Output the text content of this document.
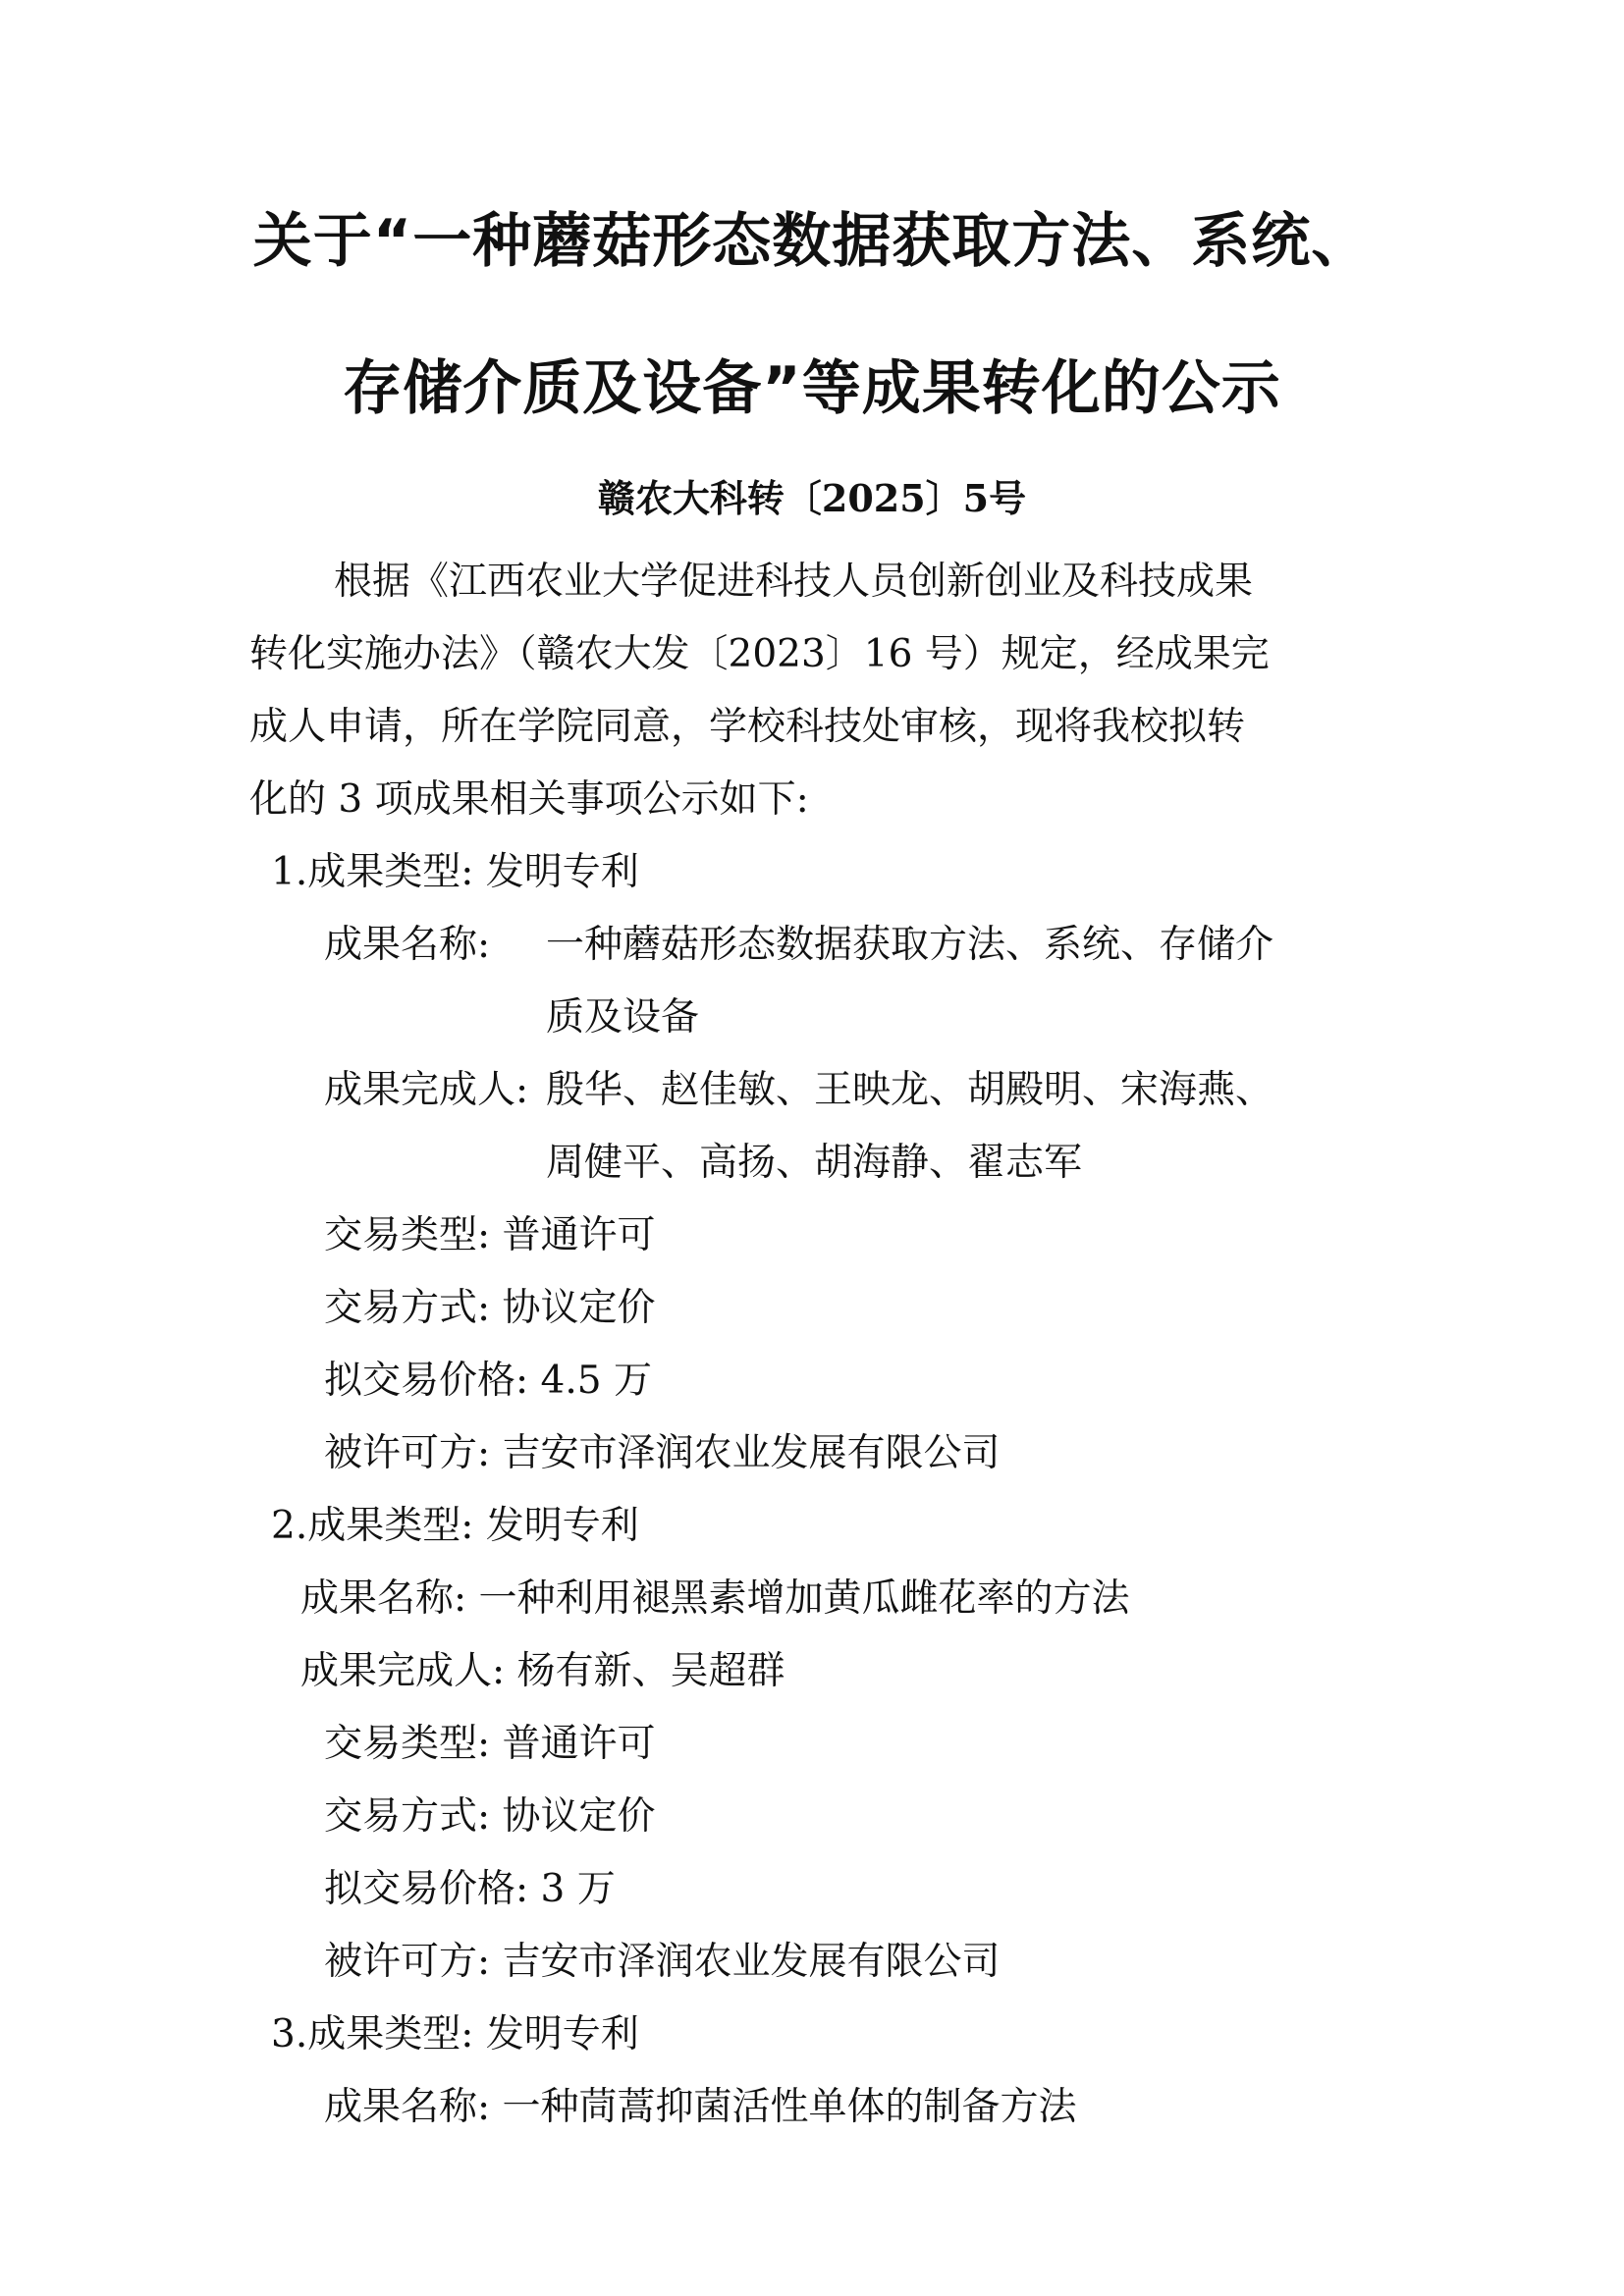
关于“一种蘑菇形态数据获取方法、系统、
存储介质及设备”等成果转化的公示
赣农大科转〔2025〕5号
根据《江西农业大学促进科技人员创新创业及科技成果
转化实施办法》（赣农大发〔2023〕16 号）规定，经成果完
成人申请，所在学院同意，学校科技处审核，现将我校拟转
化的 3 项成果相关事项公示如下:
1.成果类型: 发明专利
成果名称: 一种蘑菇形态数据获取方法、系统、存储介
质及设备
成果完成人: 殷华、赵佳敏、王映龙、胡殿明、宋海燕、
周健平、高扬、胡海静、翟志军
交易类型: 普通许可
交易方式: 协议定价
拟交易价格: 4.5 万
被许可方: 吉安市泽润农业发展有限公司
2.成果类型: 发明专利
成果名称: 一种利用褪黑素增加黄瓜雌花率的方法
成果完成人: 杨有新、吴超群
交易类型: 普通许可
交易方式: 协议定价
拟交易价格: 3 万
被许可方: 吉安市泽润农业发展有限公司
3.成果类型: 发明专利
成果名称: 一种茼蒿抑菌活性单体的制备方法
